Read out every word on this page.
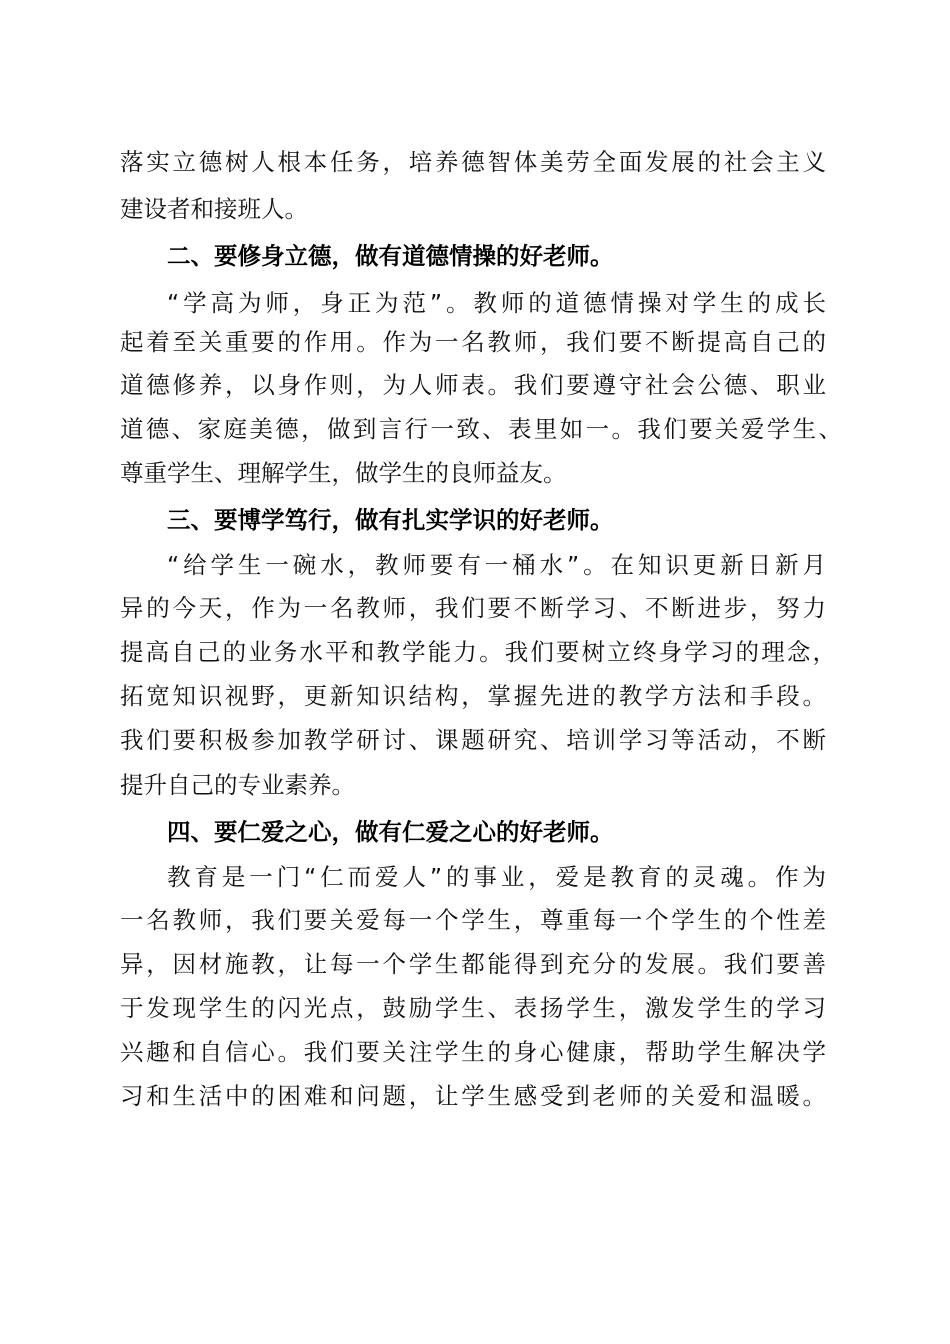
落实立德树人根本任务，培养德智体美劳全面发展的社会主义
建设者和接班人。
二、要修身立德，做有道德情操的好老师。
“学高为师，身正为范”。教师的道德情操对学生的成长
起着至关重要的作用。作为一名教师，我们要不断提高自己的
道德修养，以身作则，为人师表。我们要遵守社会公德、职业
道德、家庭美德，做到言行一致、表里如一。我们要关爱学生、
尊重学生、理解学生，做学生的良师益友。
三、要博学笃行，做有扎实学识的好老师。
“给学生一碗水，教师要有一桶水”。在知识更新日新月
异的今天，作为一名教师，我们要不断学习、不断进步，努力
提高自己的业务水平和教学能力。我们要树立终身学习的理念，
拓宽知识视野，更新知识结构，掌握先进的教学方法和手段。
我们要积极参加教学研讨、课题研究、培训学习等活动，不断
提升自己的专业素养。
四、要仁爱之心，做有仁爱之心的好老师。
教育是一门“仁而爱人”的事业，爱是教育的灵魂。作为
一名教师，我们要关爱每一个学生，尊重每一个学生的个性差
异，因材施教，让每一个学生都能得到充分的发展。我们要善
于发现学生的闪光点，鼓励学生、表扬学生，激发学生的学习
兴趣和自信心。我们要关注学生的身心健康，帮助学生解决学
习和生活中的困难和问题，让学生感受到老师的关爱和温暖。
